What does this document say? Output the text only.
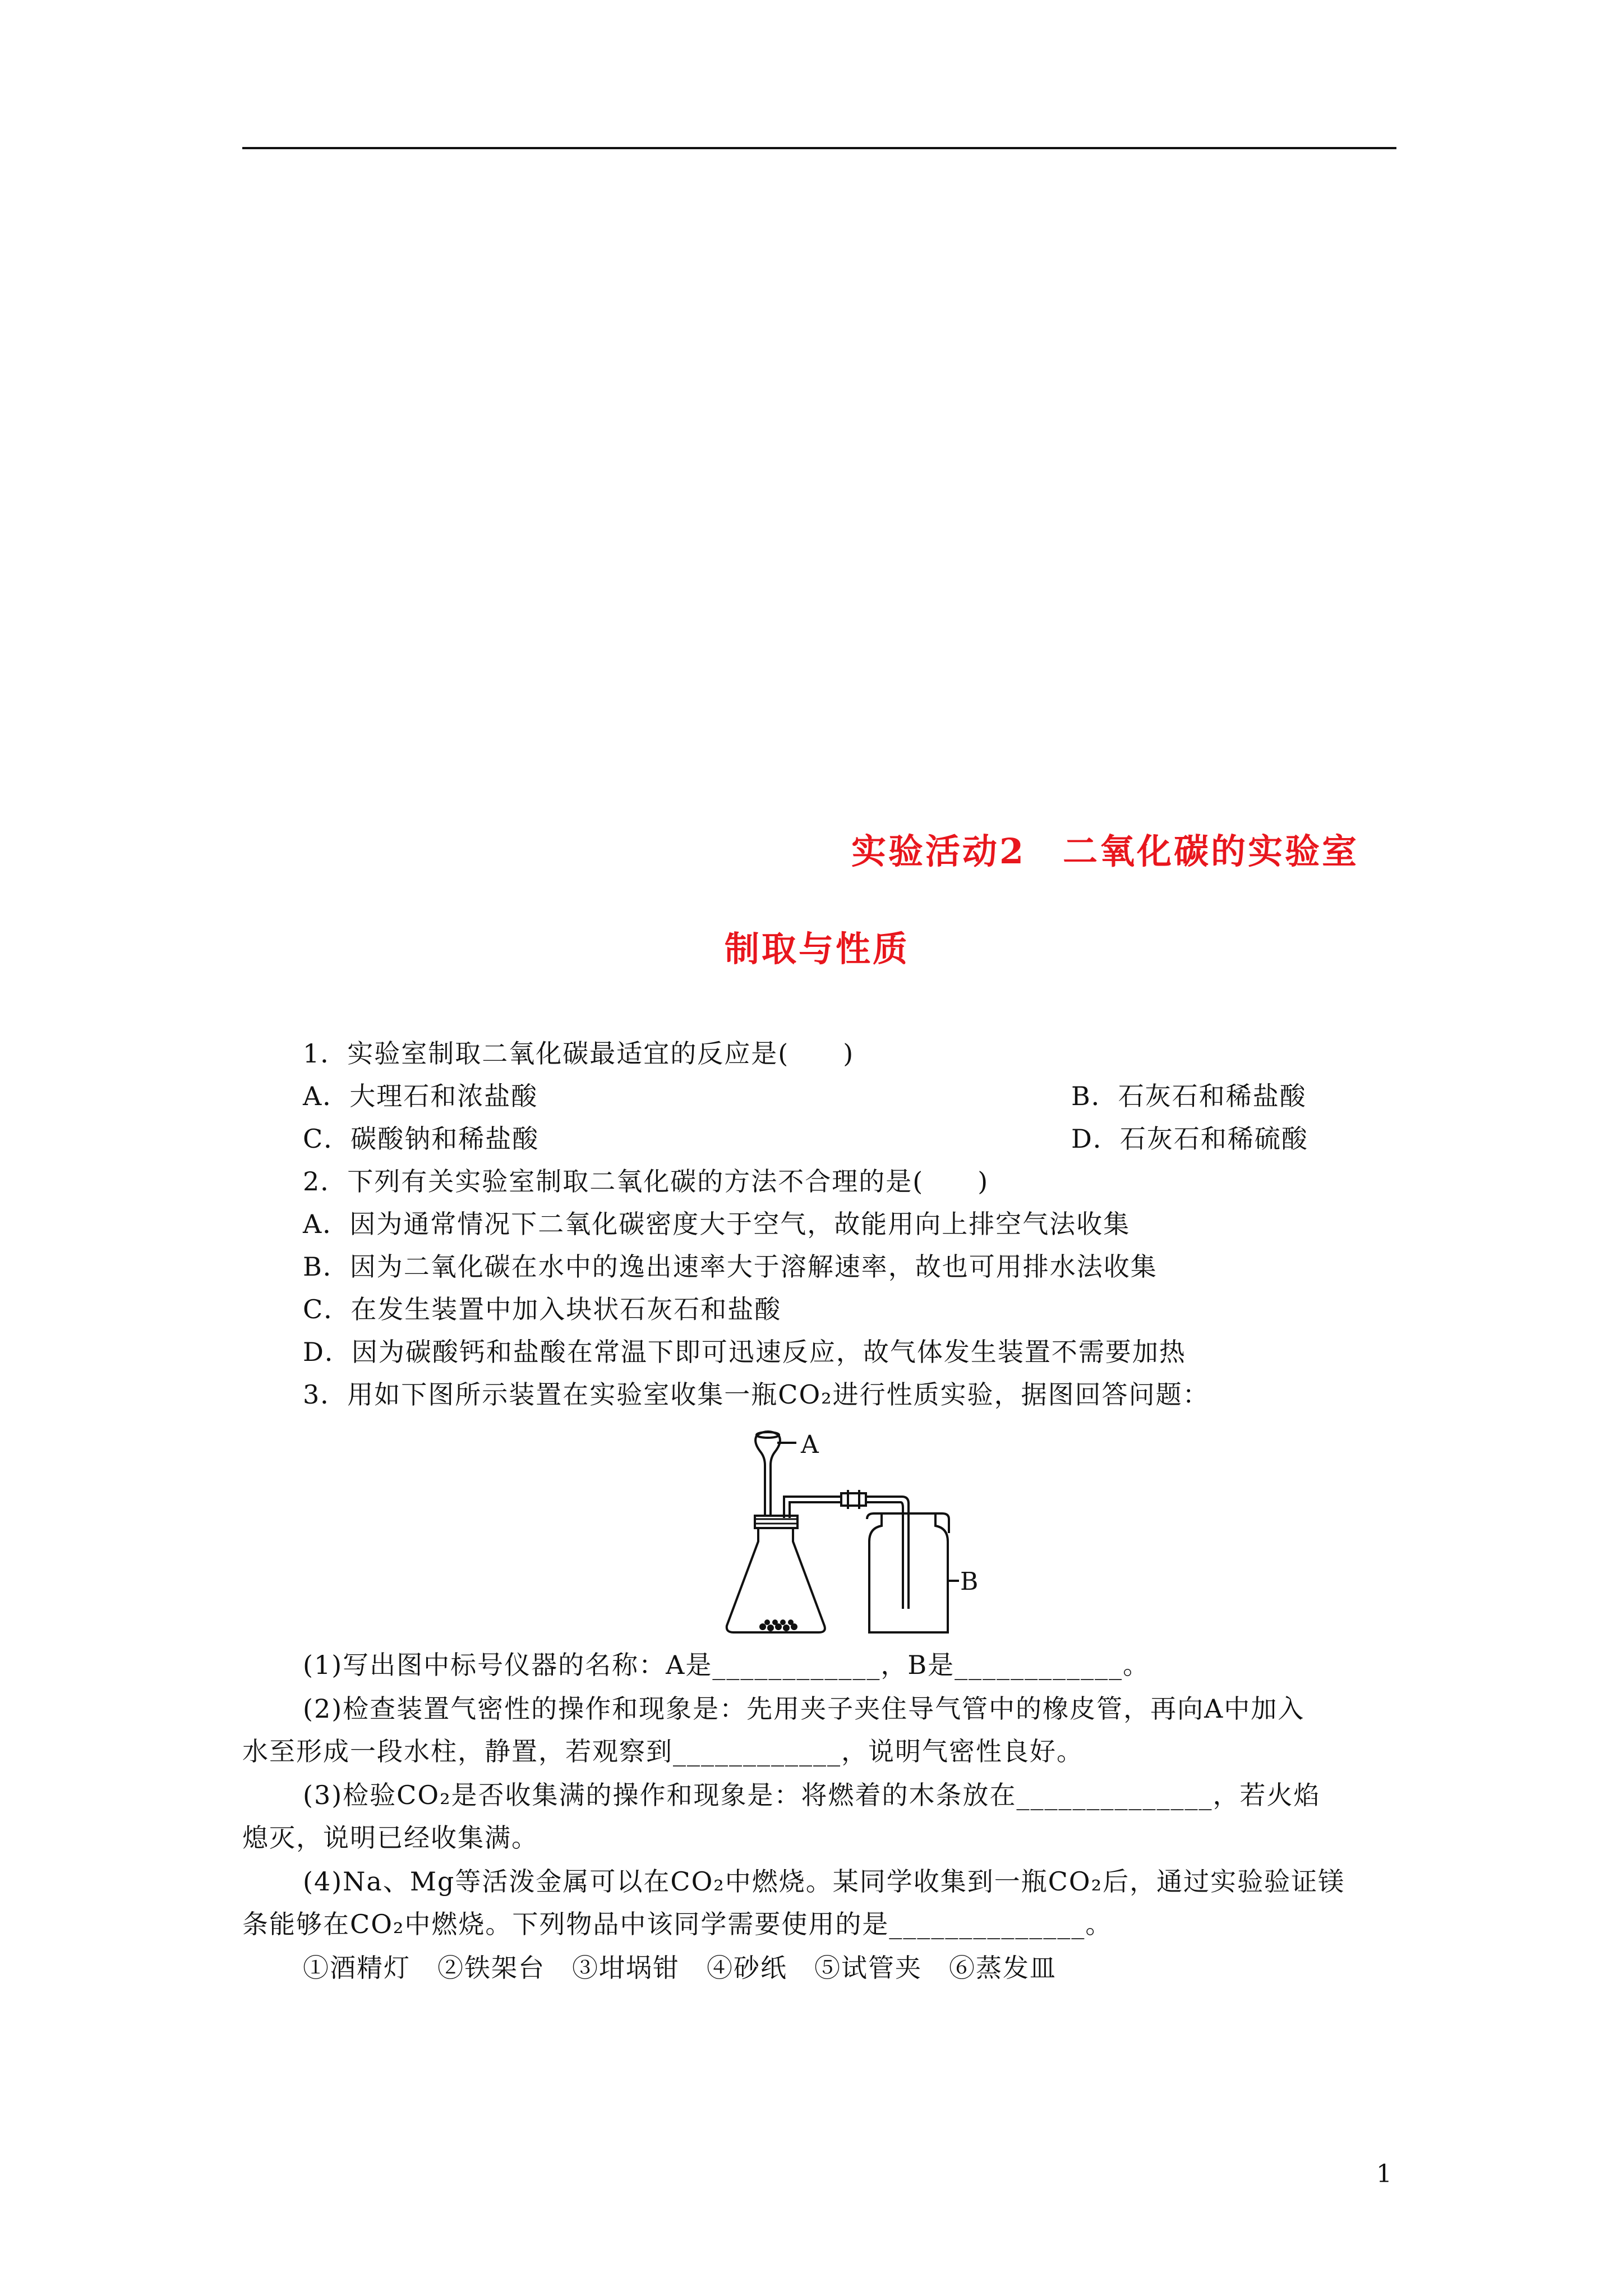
实验活动2　二氧化碳的实验室
制取与性质
1．实验室制取二氧化碳最适宜的反应是(　　)
A．大理石和浓盐酸	B．石灰石和稀盐酸
C．碳酸钠和稀盐酸	D．石灰石和稀硫酸
2．下列有关实验室制取二氧化碳的方法不合理的是(　　)
A．因为通常情况下二氧化碳密度大于空气，故能用向上排空气法收集
B．因为二氧化碳在水中的逸出速率大于溶解速率，故也可用排水法收集
C．在发生装置中加入块状石灰石和盐酸
D．因为碳酸钙和盐酸在常温下即可迅速反应，故气体发生装置不需要加热
3．用如下图所示装置在实验室收集一瓶CO₂进行性质实验，据图回答问题：
A
B
(1)写出图中标号仪器的名称：A是____________，B是____________。
(2)检查装置气密性的操作和现象是：先用夹子夹住导气管中的橡皮管，再向A中加入
水至形成一段水柱，静置，若观察到____________，说明气密性良好。
(3)检验CO₂是否收集满的操作和现象是：将燃着的木条放在______________，若火焰
熄灭，说明已经收集满。
(4)Na、Mg等活泼金属可以在CO₂中燃烧。某同学收集到一瓶CO₂后，通过实验验证镁
条能够在CO₂中燃烧。下列物品中该同学需要使用的是______________。
①酒精灯　②铁架台　③坩埚钳　④砂纸　⑤试管夹　⑥蒸发皿
1
